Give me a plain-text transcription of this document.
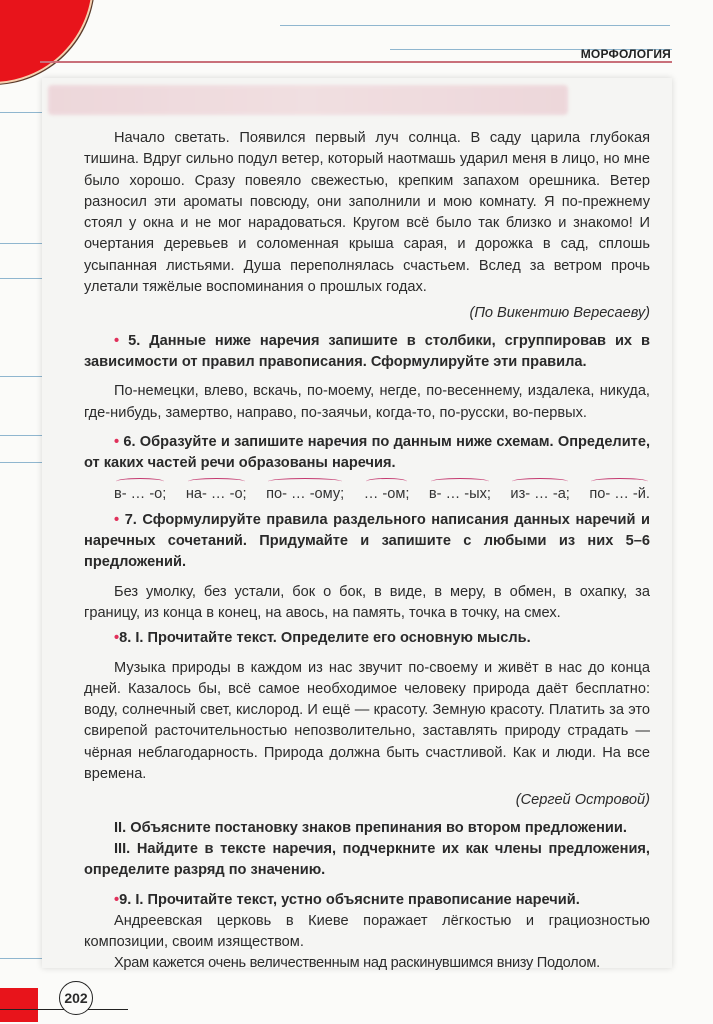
МОРФОЛОГИЯ

Начало светать. Появился первый луч солнца. В саду царила глубокая тишина. Вдруг сильно подул ветер, который наотмашь ударил меня в лицо, но мне было хорошо. Сразу повеяло свежестью, крепким запахом орешника. Ветер разносил эти ароматы повсюду, они заполнили и мою комнату. Я по-прежнему стоял у окна и не мог нарадоваться. Кругом всё было так близко и знакомо! И очертания деревьев и соломенная крыша сарая, и дорожка в сад, сплошь усыпанная листьями. Душа переполнялась счастьем. Вслед за ветром прочь улетали тяжёлые воспоминания о прошлых годах.

(По Викентию Вересаеву)

• 5. Данные ниже наречия запишите в столбики, сгруппировав их в зависимости от правил правописания. Сформулируйте эти правила.

По-немецки, влево, вскачь, по-моему, негде, по-весеннему, издалека, никуда, где-нибудь, замертво, направо, по-заячьи, когда-то, по-русски, во-первых.

• 6. Образуйте и запишите наречия по данным ниже схемам. Определите, от каких частей речи образованы наречия.

в- … -о; на- … -о; по- … -ому; … -ом; в- … -ых; из- … -а; по- … -й.

• 7. Сформулируйте правила раздельного написания данных наречий и наречных сочетаний. Придумайте и запишите с любыми из них 5–6 предложений.

Без умолку, без устали, бок о бок, в виде, в меру, в обмен, в охапку, за границу, из конца в конец, на авось, на память, точка в точку, на смех.

•8. I. Прочитайте текст. Определите его основную мысль.

Музыка природы в каждом из нас звучит по-своему и живёт в нас до конца дней. Казалось бы, всё самое необходимое человеку природа даёт бесплатно: воду, солнечный свет, кислород. И ещё — красоту. Земную красоту. Платить за это свирепой расточительностью непозволительно, заставлять природу страдать — чёрная неблагодарность. Природа должна быть счастливой. Как и люди. На все времена.

(Сергей Островой)

II. Объясните постановку знаков препинания во втором предложении.

III. Найдите в тексте наречия, подчеркните их как члены предложения, определите разряд по значению.

•9. I. Прочитайте текст, устно объясните правописание наречий.

Андреевская церковь в Киеве поражает лёгкостью и грациозностью композиции, своим изяществом.

Храм кажется очень величественным над раскинувшимся внизу Подолом.

202
